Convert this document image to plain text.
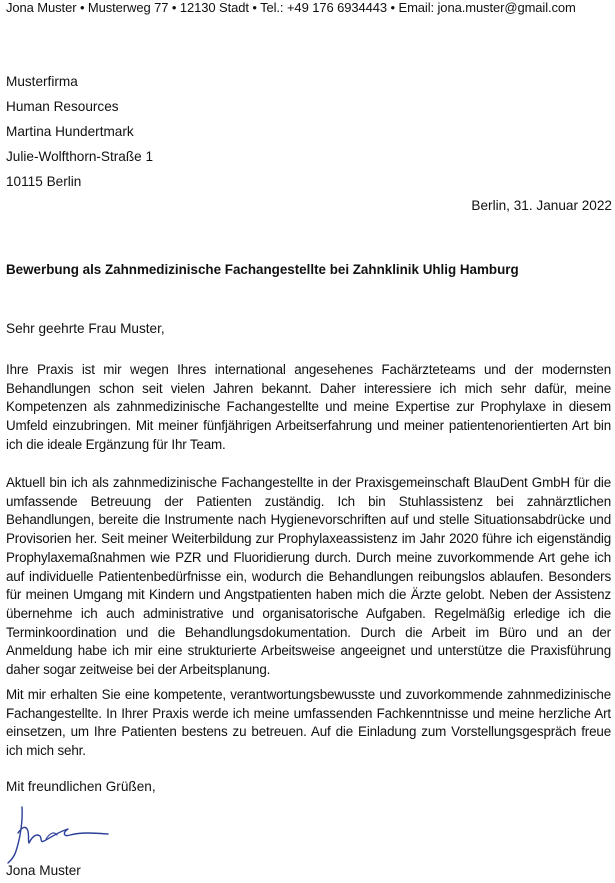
Jona Muster • Musterweg 77 • 12130 Stadt • Tel.: +49 176 6934443 • Email: jona.muster@gmail.com
Musterfirma
Human Resources
Martina Hundertmark
Julie-Wolfthorn-Straße 1
10115 Berlin
Berlin, 31. Januar 2022
Bewerbung als Zahnmedizinische Fachangestellte bei Zahnklinik Uhlig Hamburg
Sehr geehrte Frau Muster,

Ihre Praxis ist mir wegen Ihres international angesehenes Fachärzteteams und der modernsten Behandlungen schon seit vielen Jahren bekannt. Daher interessiere ich mich sehr dafür, meine Kompetenzen als zahnmedizinische Fachangestellte und meine Expertise zur Prophylaxe in diesem Umfeld einzubringen. Mit meiner fünfjährigen Arbeitserfahrung und meiner patientenorientierten Art bin ich die ideale Ergänzung für Ihr Team.

Aktuell bin ich als zahnmedizinische Fachangestellte in der Praxisgemeinschaft BlauDent GmbH für die umfassende Betreuung der Patienten zuständig. Ich bin Stuhlassistenz bei zahnärztlichen Behandlungen, bereite die Instrumente nach Hygienevorschriften auf und stelle Situationsabdrücke und Provisorien her. Seit meiner Weiterbildung zur Prophylaxeassistenz im Jahr 2020 führe ich eigenständig Prophylaxemaßnahmen wie PZR und Fluoridierung durch. Durch meine zuvorkommende Art gehe ich auf individuelle Patientenbedürfnisse ein, wodurch die Behandlungen reibungslos ablaufen. Besonders für meinen Umgang mit Kindern und Angstpatienten haben mich die Ärzte gelobt. Neben der Assistenz übernehme ich auch administrative und organisatorische Aufgaben. Regelmäßig erledige ich die Terminkoordination und die Behandlungsdokumentation. Durch die Arbeit im Büro und an der Anmeldung habe ich mir eine strukturierte Arbeitsweise angeeignet und unterstütze die Praxisführung daher sogar zeitweise bei der Arbeitsplanung.

Mit mir erhalten Sie eine kompetente, verantwortungsbewusste und zuvorkommende zahnmedizinische Fachangestellte. In Ihrer Praxis werde ich meine umfassenden Fachkenntnisse und meine herzliche Art einsetzen, um Ihre Patienten bestens zu betreuen. Auf die Einladung zum Vorstellungsgespräch freue ich mich sehr.

Mit freundlichen Grüßen,
Jona Muster
